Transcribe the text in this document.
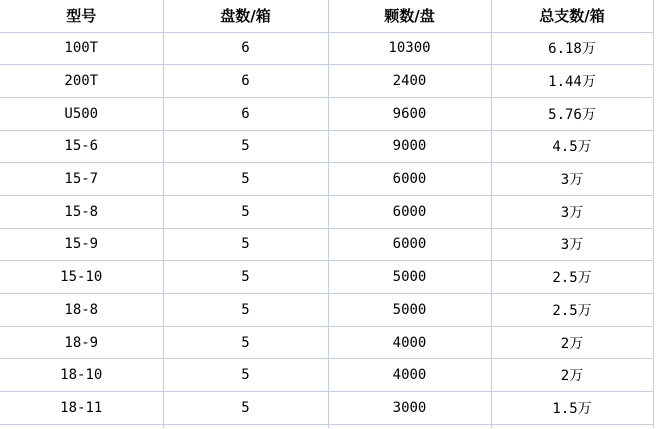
型号	盘数/箱	颗数/盘	总支数/箱
100T	6	10300	6.18万
200T	6	2400	1.44万
U500	6	9600	5.76万
15-6	5	9000	4.5万
15-7	5	6000	3万
15-8	5	6000	3万
15-9	5	6000	3万
15-10	5	5000	2.5万
18-8	5	5000	2.5万
18-9	5	4000	2万
18-10	5	4000	2万
18-11	5	3000	1.5万
